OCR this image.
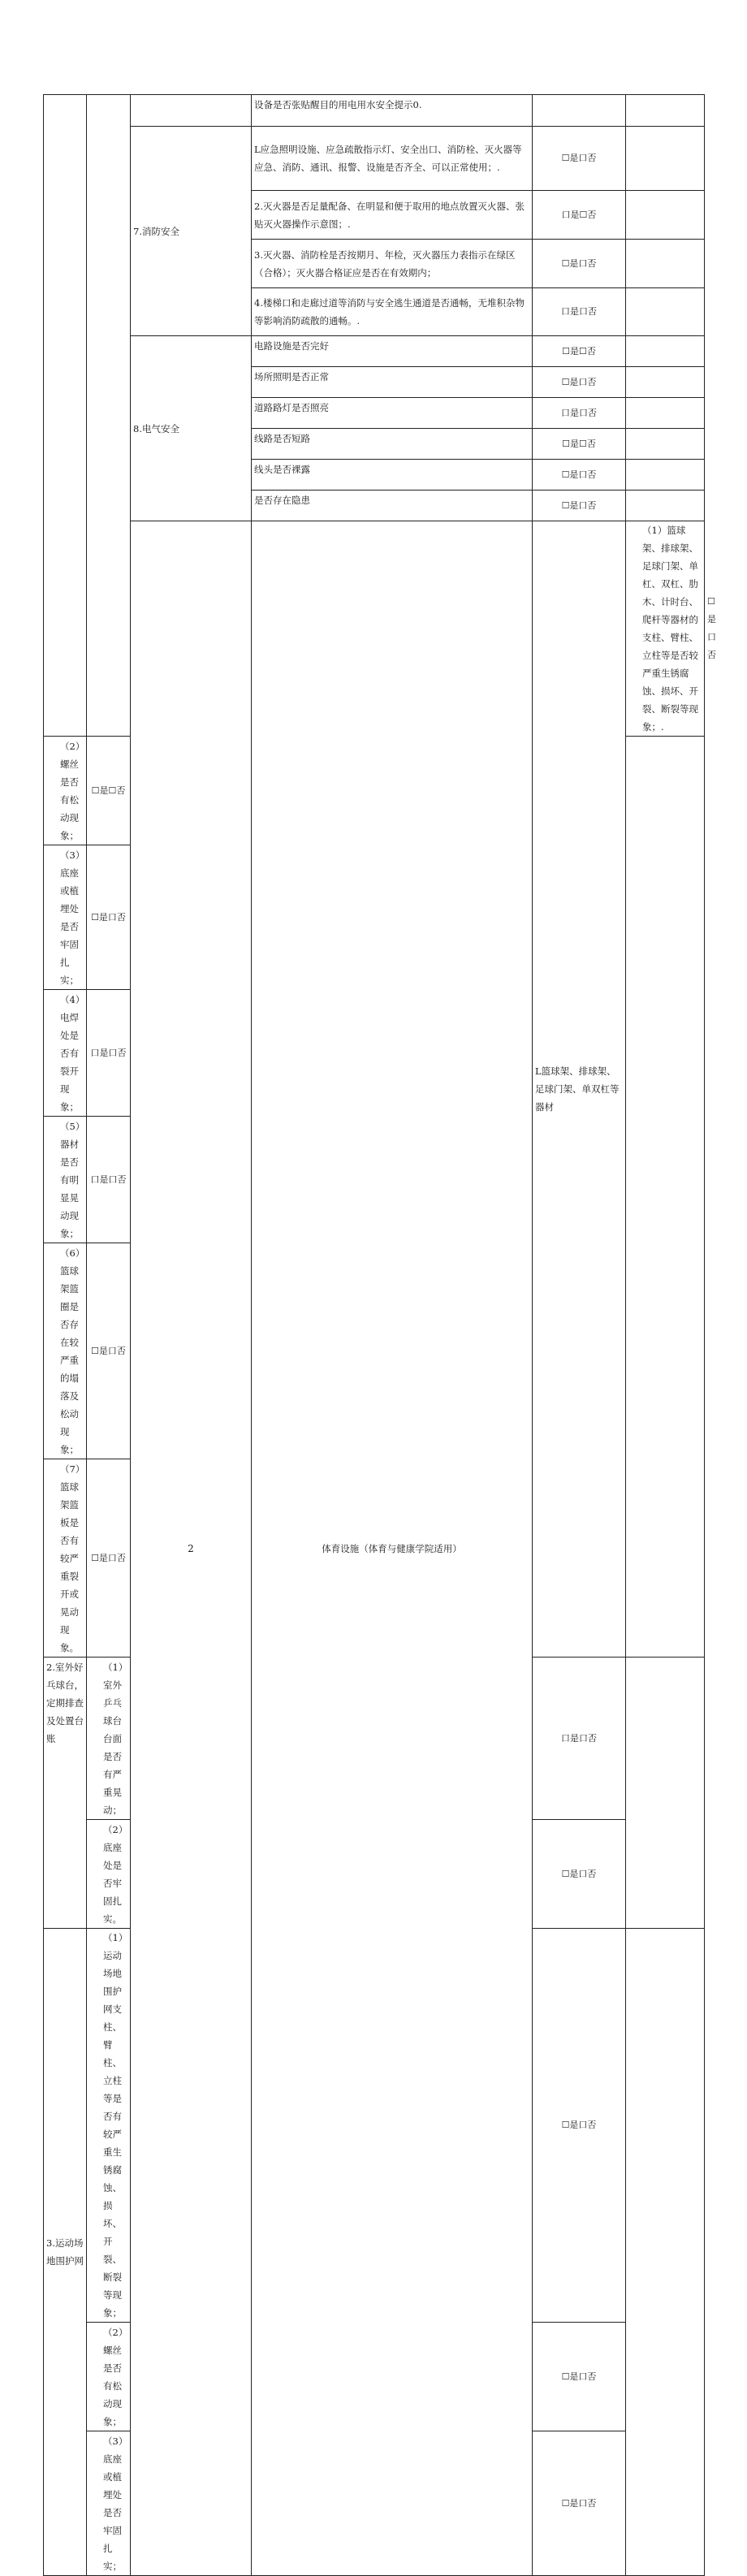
			设备是否张贴醒目的用电用水安全提示0.			
		7.消防安全	L应急照明设施、应急疏散指示灯、安全出口、消防栓、灭火器等应急、消防、通讯、报警、设施是否齐全、可以正常使用；.	☐是口否		
			2.灭火器是否足量配备、在明显和便于取用的地点放置灭火器、张贴灭火器操作示意图；.	口是☐否		
			3.灭火器、消防栓是否按期月、年检，灭火器压力表指示在绿区（合格）；灭火器合格证应是否在有效期内；	☐是口否		
			4.楼梯口和走廊过道等消防与安全逃生通道是否通畅，无堆积杂物等影响消防疏散的通畅。.	口是口否		
		8.电气安全	电路设施是否完好	☐是☐否		
			场所照明是否正常	☐是口否		
			道路路灯是否照亮	口是口否		
			线路是否短路	☐是☐否		
			线头是否裸露	☐是口否		
			是否存在隐患	☐是口否		
		2	体育设施（体育与健康学院适用）	L篮球架、排球架、足球门架、单双杠等器材	（1）篮球架、排球架、足球门架、单杠、双杠、肋木、计时台、爬杆等器材的支柱、臂柱、立柱等是否较严重生锈腐蚀、损坏、开裂、断裂等现象；.	☐是口否	
（2）螺丝是否有松动现象；	☐是☐否					
（3）底座或植埋处是否牢固扎实；	☐是口否					
（4）电焊处是否有裂开现象；	口是口否					
（5）器材是否有明显晃动现象；	口是口否					
（6）篮球架篮圈是否存在较严重的塌落及松动现象；	☐是口否					
（7）篮球架篮板是否有较严重裂开或晃动现象。	☐是口否					
2.室外好乓球台，定期排查及处置台账	（1）室外乒乓球台台面是否有严重晃动；			口是口否		
	（2）底座处是否牢固扎实。			☐是口否		
3.运动场地围护网	（1）运动场地围护网支柱、臂柱、立柱等是否有较严重生锈腐蚀、损坏、开裂、断裂等现象；			☐是口否		
	（2）螺丝是否有松动现象；			☐是口否		
	（3）底座或植埋处是否牢固扎实；			☐是口否		
